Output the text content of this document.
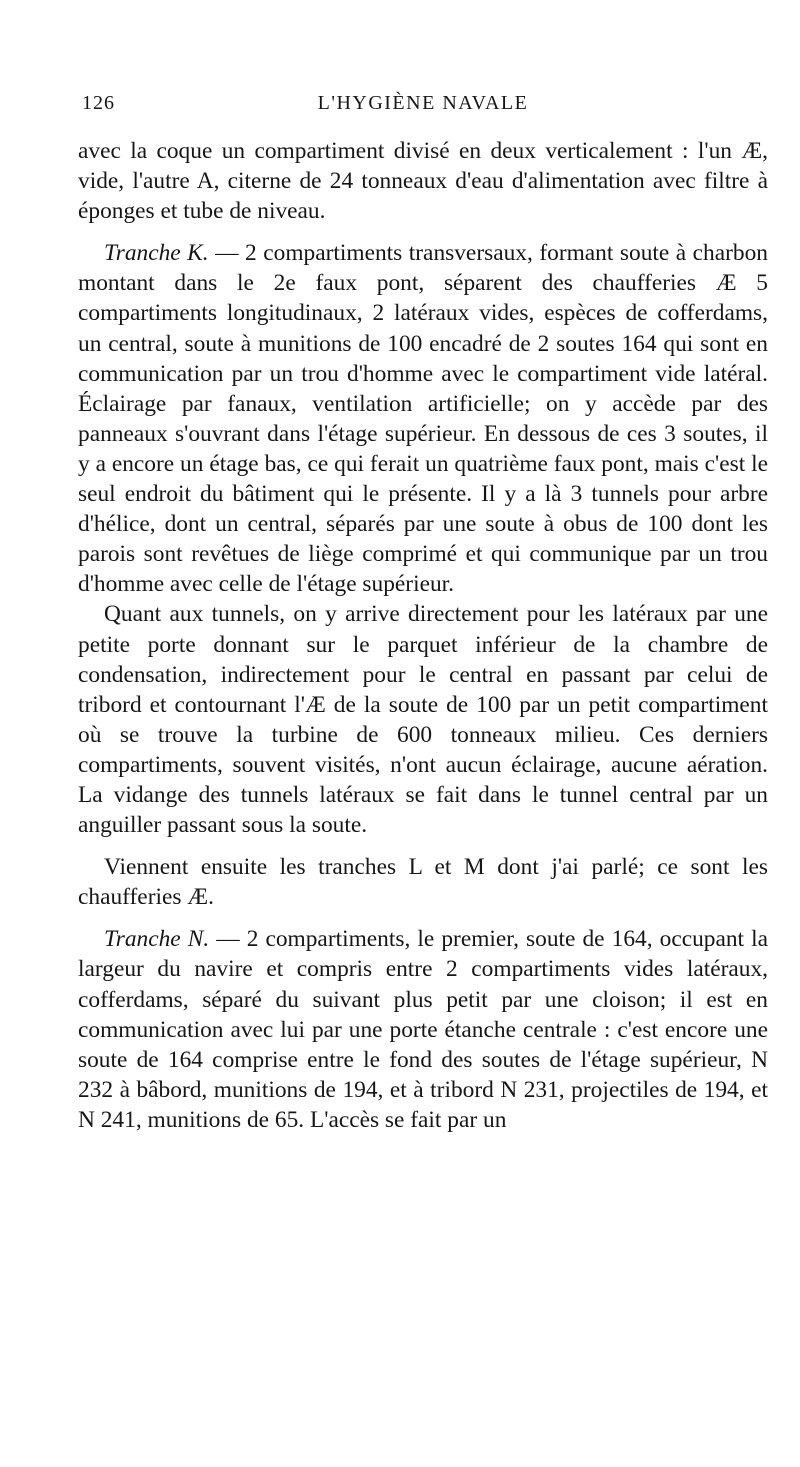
126	L'HYGIÈNE NAVALE

avec la coque un compartiment divisé en deux verticalement : l'un Æ, vide, l'autre A, citerne de 24 tonneaux d'eau d'alimentation avec filtre à éponges et tube de niveau.

Tranche K. — 2 compartiments transversaux, formant soute à charbon montant dans le 2e faux pont, séparent des chaufferies Æ 5 compartiments longitudinaux, 2 latéraux vides, espèces de cofferdams, un central, soute à munitions de 100 encadré de 2 soutes 164 qui sont en communication par un trou d'homme avec le compartiment vide latéral. Éclairage par fanaux, ventilation artificielle; on y accède par des panneaux s'ouvrant dans l'étage supérieur. En dessous de ces 3 soutes, il y a encore un étage bas, ce qui ferait un quatrième faux pont, mais c'est le seul endroit du bâtiment qui le présente. Il y a là 3 tunnels pour arbre d'hélice, dont un central, séparés par une soute à obus de 100 dont les parois sont revêtues de liège comprimé et qui communique par un trou d'homme avec celle de l'étage supérieur.

Quant aux tunnels, on y arrive directement pour les latéraux par une petite porte donnant sur le parquet inférieur de la chambre de condensation, indirectement pour le central en passant par celui de tribord et contournant l'Æ de la soute de 100 par un petit compartiment où se trouve la turbine de 600 tonneaux milieu. Ces derniers compartiments, souvent visités, n'ont aucun éclairage, aucune aération. La vidange des tunnels latéraux se fait dans le tunnel central par un anguiller passant sous la soute.

Viennent ensuite les tranches L et M dont j'ai parlé; ce sont les chaufferies Æ.

Tranche N. — 2 compartiments, le premier, soute de 164, occupant la largeur du navire et compris entre 2 compartiments vides latéraux, cofferdams, séparé du suivant plus petit par une cloison; il est en communication avec lui par une porte étanche centrale : c'est encore une soute de 164 comprise entre le fond des soutes de l'étage supérieur, N 232 à bâbord, munitions de 194, et à tribord N 231, projectiles de 194, et N 241, munitions de 65. L'accès se fait par un
